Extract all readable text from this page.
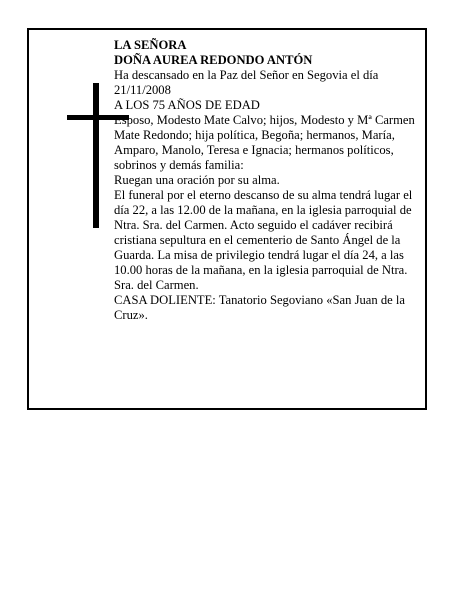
LA SEÑORA

DOÑA AUREA REDONDO ANTÓN

Ha descansado en la Paz del Señor en Segovia el día 21/11/2008

A LOS 75 AÑOS DE EDAD

Esposo, Modesto Mate Calvo; hijos, Modesto y Mª Carmen Mate Redondo; hija política, Begoña; hermanos, María, Amparo, Manolo, Teresa e Ignacia; hermanos políticos, sobrinos y demás familia:

Ruegan una oración por su alma.

El funeral por el eterno descanso de su alma tendrá lugar el día 22, a las 12.00 de la mañana, en la iglesia parroquial de Ntra. Sra. del Carmen. Acto seguido el cadáver recibirá cristiana sepultura en el cementerio de Santo Ángel de la Guarda. La misa de privilegio tendrá lugar el día 24, a las 10.00 horas de la mañana, en la iglesia parroquial de Ntra. Sra. del Carmen.

CASA DOLIENTE: Tanatorio Segoviano «San Juan de la Cruz».
